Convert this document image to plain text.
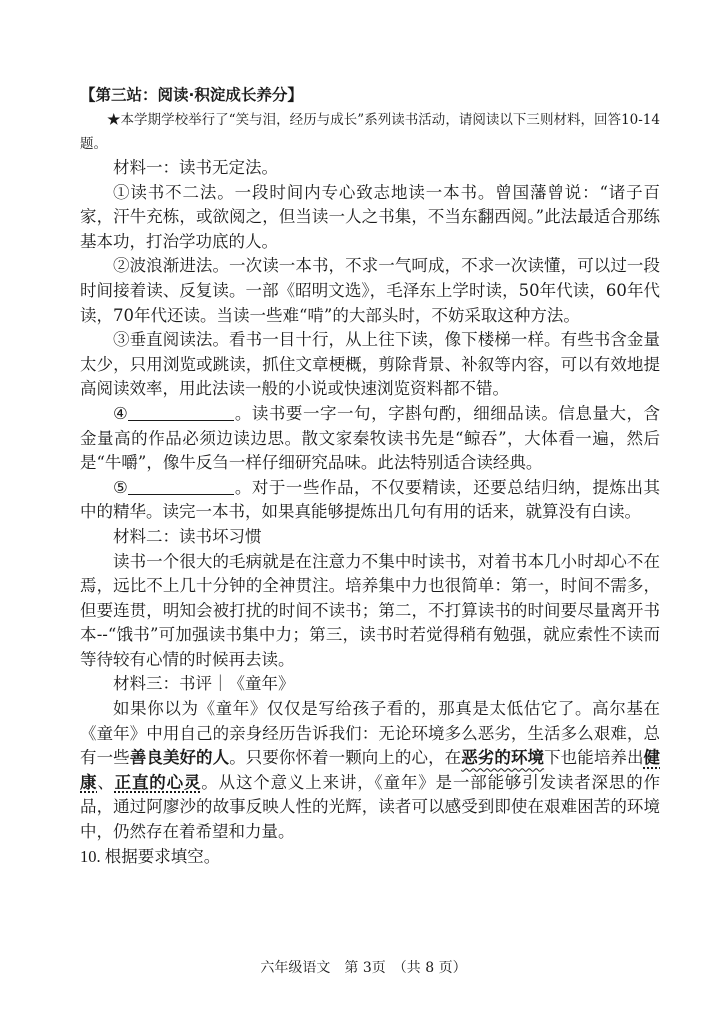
【第三站：阅读·积淀成长养分】

★本学期学校举行了“笑与泪，经历与成长”系列读书活动，请阅读以下三则材料，回答10-14题。

材料一：读书无定法。

①读书不二法。一段时间内专心致志地读一本书。曾国藩曾说：“诸子百家，汗牛充栋，或欲阅之，但当读一人之书集，不当东翻西阅。”此法最适合那练基本功，打治学功底的人。

②波浪渐进法。一次读一本书，不求一气呵成，不求一次读懂，可以过一段时间接着读、反复读。一部《昭明文选》，毛泽东上学时读，50年代读，60年代读，70年代还读。当读一些难“啃”的大部头时，不妨采取这种方法。

③垂直阅读法。看书一目十行，从上往下读，像下楼梯一样。有些书含金量太少，只用浏览或跳读，抓住文章梗概，剪除背景、补叙等内容，可以有效地提高阅读效率，用此法读一般的小说或快速浏览资料都不错。

④	。读书要一字一句，字斟句酌，细细品读。信息量大，含金量高的作品必须边读边思。散文家秦牧读书先是“鲸吞”，大体看一遍，然后是“牛嚼”，像牛反刍一样仔细研究品味。此法特别适合读经典。

⑤	。对于一些作品，不仅要精读，还要总结归纳，提炼出其中的精华。读完一本书，如果真能够提炼出几句有用的话来，就算没有白读。

材料二：读书坏习惯

读书一个很大的毛病就是在注意力不集中时读书，对着书本几小时却心不在焉，远比不上几十分钟的全神贯注。培养集中力也很简单：第一，时间不需多，但要连贯，明知会被打扰的时间不读书；第二，不打算读书的时间要尽量离开书本--“饿书”可加强读书集中力；第三，读书时若觉得稍有勉强，就应索性不读而等待较有心情的时候再去读。

材料三：书评｜《童年》

如果你以为《童年》仅仅是写给孩子看的，那真是太低估它了。高尔基在《童年》中用自己的亲身经历告诉我们：无论环境多么恶劣，生活多么艰难，总有一些善良美好的人。只要你怀着一颗向上的心，在恶劣的环境下也能培养出健康、正直的心灵。从这个意义上来讲，《童年》是一部能够引发读者深思的作品，通过阿廖沙的故事反映人性的光辉，读者可以感受到即使在艰难困苦的环境中，仍然存在着希望和力量。

10. 根据要求填空。

六年级语文　第 3页　（共 8 页）
